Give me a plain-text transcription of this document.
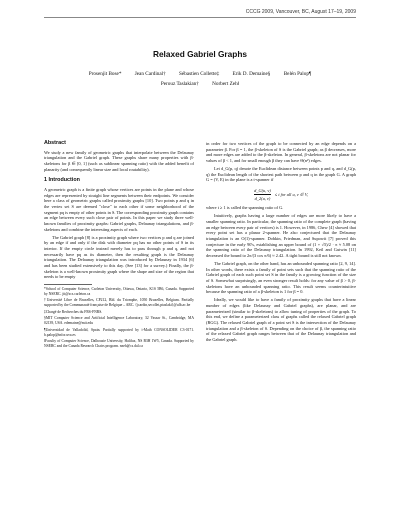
CCCG 2009, Vancouver, BC, August 17–19, 2009
Relaxed Gabriel Graphs
Prosenjit Bose*	Jean Cardinal†	Sébastien Collette‡	Erik D. Demaine§	Belén Palop¶
Perouz Taslakian†	Norbert Zeh‖
Abstract

We study a new family of geometric graphs that interpolate between the Delaunay triangulation and the Gabriel graph. These graphs share many properties with β-skeletons for β ∈ [0, 1] (such as sublinear spanning ratio) with the added benefit of planarity (and consequently linear size and local routability).

1 Introduction

A geometric graph is a finite graph whose vertices are points in the plane and whose edges are represented by straight line segments between their endpoints. We consider here a class of geometric graphs called proximity graphs [10]. Two points p and q in the vertex set S are deemed "close" to each other if some neighborhood of the segment pq is empty of other points in S. The corresponding proximity graph contains an edge between every such close pair of points. In this paper we study three well-known families of proximity graphs: Gabriel graphs, Delaunay triangulations, and β-skeletons and combine the interesting aspects of each.

The Gabriel graph [8] is a proximity graph where two vertices p and q are joined by an edge if and only if the disk with diameter pq has no other points of S in its interior. If the empty circle instead merely has to pass through p and q, and not necessarily have pq as its diameter, then the resulting graph is the Delaunay triangulation. The Delaunay triangulation was introduced by Delaunay in 1934 [6] and has been studied extensively to this day. (See [13] for a survey.) Finally, the β-skeleton is a well-known proximity graph where the shape and size of the region that needs to be empty

*School of Computer Science, Carleton University, Ottawa, Ontario, K1S 5B6, Canada. Supported by NSERC. jit@scs.carleton.ca
†Université Libre de Bruxelles, CP212, Bld. du Triomphe, 1050 Bruxelles, Belgium. Partially supported by the Communauté française de Belgique – ARC. {jcardin,secollet,ptaslaki}@ulb.ac.be
‡Chargé de Recherches du FRS-FNRS.
§MIT Computer Science and Artificial Intelligence Laboratory, 32 Vassar St., Cambridge, MA 02139, USA. edemaine@mit.edu
¶Universidad de Valladolid, Spain. Partially supported by i-Math CONSOLIDER C3-0171. b.palop@infor.uva.es
‖Faculty of Computer Science, Dalhousie University, Halifax, NS B3H 1W5, Canada. Supported by NSERC and the Canada Research Chairs program. nzeh@cs.dal.ca

in order for two vertices of the graph to be connected by an edge depends on a parameter β. For β = 1, the β-skeleton of S is the Gabriel graph; as β decreases, more and more edges are added to the β-skeleton. In general, β-skeletons are not planar for values of β < 1, and for small enough β they can have Θ(n²) edges.

Let d_G(p, q) denote the Euclidean distance between points p and q, and d_G(p, q) the Euclidean length of the shortest path between p and q in the graph G. A graph G = (V, E) in the plane is a t-spanner if

$\frac{d\_G(u, v)}{d\_2(u, v)} \le t$ for all u, v ∈ V,

where t ≥ 1 is called the spanning ratio of G.

Intuitively, graphs having a large number of edges are more likely to have a smaller spanning ratio. In particular, the spanning ratio of the complete graph (having an edge between every pair of vertices) is 1. However, in 1986, Chew [4] showed that every point set has a planar 2-spanner. He also conjectured that the Delaunay triangulation is an O(1)-spanner. Dobkin, Friedman, and Supowit [7] proved this conjecture in the early 90's, establishing an upper bound of (1 + √5)/2 · π ≈ 5.08 on the spanning ratio of the Delaunay triangulation. In 1992, Keil and Gutwin [11] decreased the bound to 2π/(3 cos π/6) ≈ 2.42. A tight bound is still not known.

The Gabriel graph, on the other hand, has an unbounded spanning ratio [2, 9, 14]. In other words, there exists a family of point sets such that the spanning ratio of the Gabriel graph of each such point set S in the family is a growing function of the size of S. Somewhat surprisingly, an even stronger result holds: for any value of β > 0, β-skeletons have an unbounded spanning ratio. This result seems counterintuitive because the spanning ratio of a β-skeleton is 1 for β = 0.

Ideally, we would like to have a family of proximity graphs that have a linear number of edges (like Delaunay and Gabriel graphs), are planar, and are parameterized (similar to β-skeletons) to allow tuning of properties of the graph. To this end, we define a parameterized class of graphs called the relaxed Gabriel graph (RGG). The relaxed Gabriel graph of a point set S is the intersection of the Delaunay triangulation and a β-skeleton of S. Depending on the choice of β, the spanning ratio of the relaxed Gabriel graph ranges between that of the Delaunay triangulation and the Gabriel graph.
